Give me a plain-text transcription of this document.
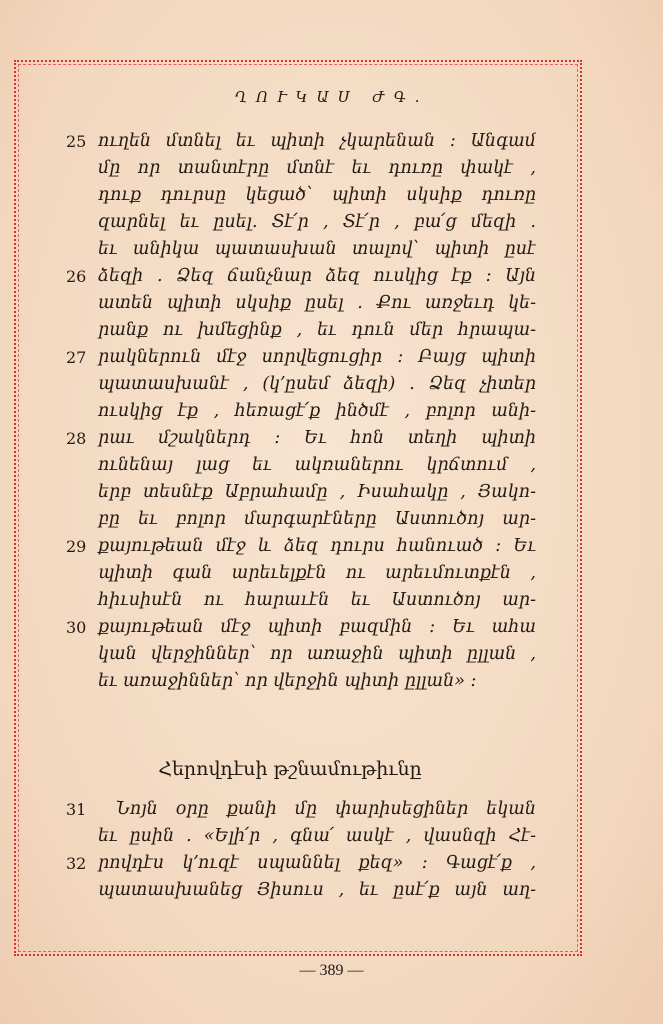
ՂՈՒԿԱՍ ԺԳ.
25 ուղեն մտնել եւ պիտի չկարենան : Անգամ
մը որ տանտէրը մտնէ եւ դուռը փակէ ,
դուք դուրսը կեցած՝ պիտի սկսիք դուռը
զարնել եւ ըսել. Տէ՛ր , Տէ՛ր , բա՛ց մեզի .
եւ անիկա պատասխան տալով՝ պիտի ըսէ
26 ձեզի . Ձեզ ճանչնար ձեզ ուսկից էք : Այն
ատեն պիտի սկսիք ըսել . Քու առջեւդ կե-
րանք ու խմեցինք , եւ դուն մեր հրապա-
27 րակներուն մէջ սորվեցուցիր : Բայց պիտի
պատասխանէ , (կ՚ըսեմ ձեզի) . Ձեզ չիտեր
ուսկից էք , հեռացէ՛ք ինծմէ , բոլոր անի-
28 րաւ մշակներդ : Եւ հոն տեղի պիտի
ունենայ լաց եւ ակռաներու կրճտում ,
երբ տեսնէք Աբրահամը , Իսահակը , Յակո-
բը եւ բոլոր մարգարէները Աստուծոյ ար-
29 քայութեան մէջ և ձեզ դուրս հանուած : Եւ
պիտի գան արեւելքէն ու արեւմուտքէն ,
հիւսիսէն ու հարաւէն եւ Աստուծոյ ար-
30 քայութեան մէջ պիտի բազմին : Եւ ահա
կան վերջիններ՝ որ առաջին պիտի ըլլան ,
եւ առաջիններ՝ որ վերջին պիտի ըլլան» :
Հերովդէսի թշնամութիւնը
31	Նոյն օրը քանի մը փարիսեցիներ եկան
եւ ըսին . «Ելի՛ր , գնա՛ ասկէ , վասնզի Հէ-
32 րովդէս կ՚ուզէ սպաննել քեզ» : Գացէ՛ք ,
պատասխանեց Յիսուս , եւ ըսէ՛ք այն աղ-
— 389 —
